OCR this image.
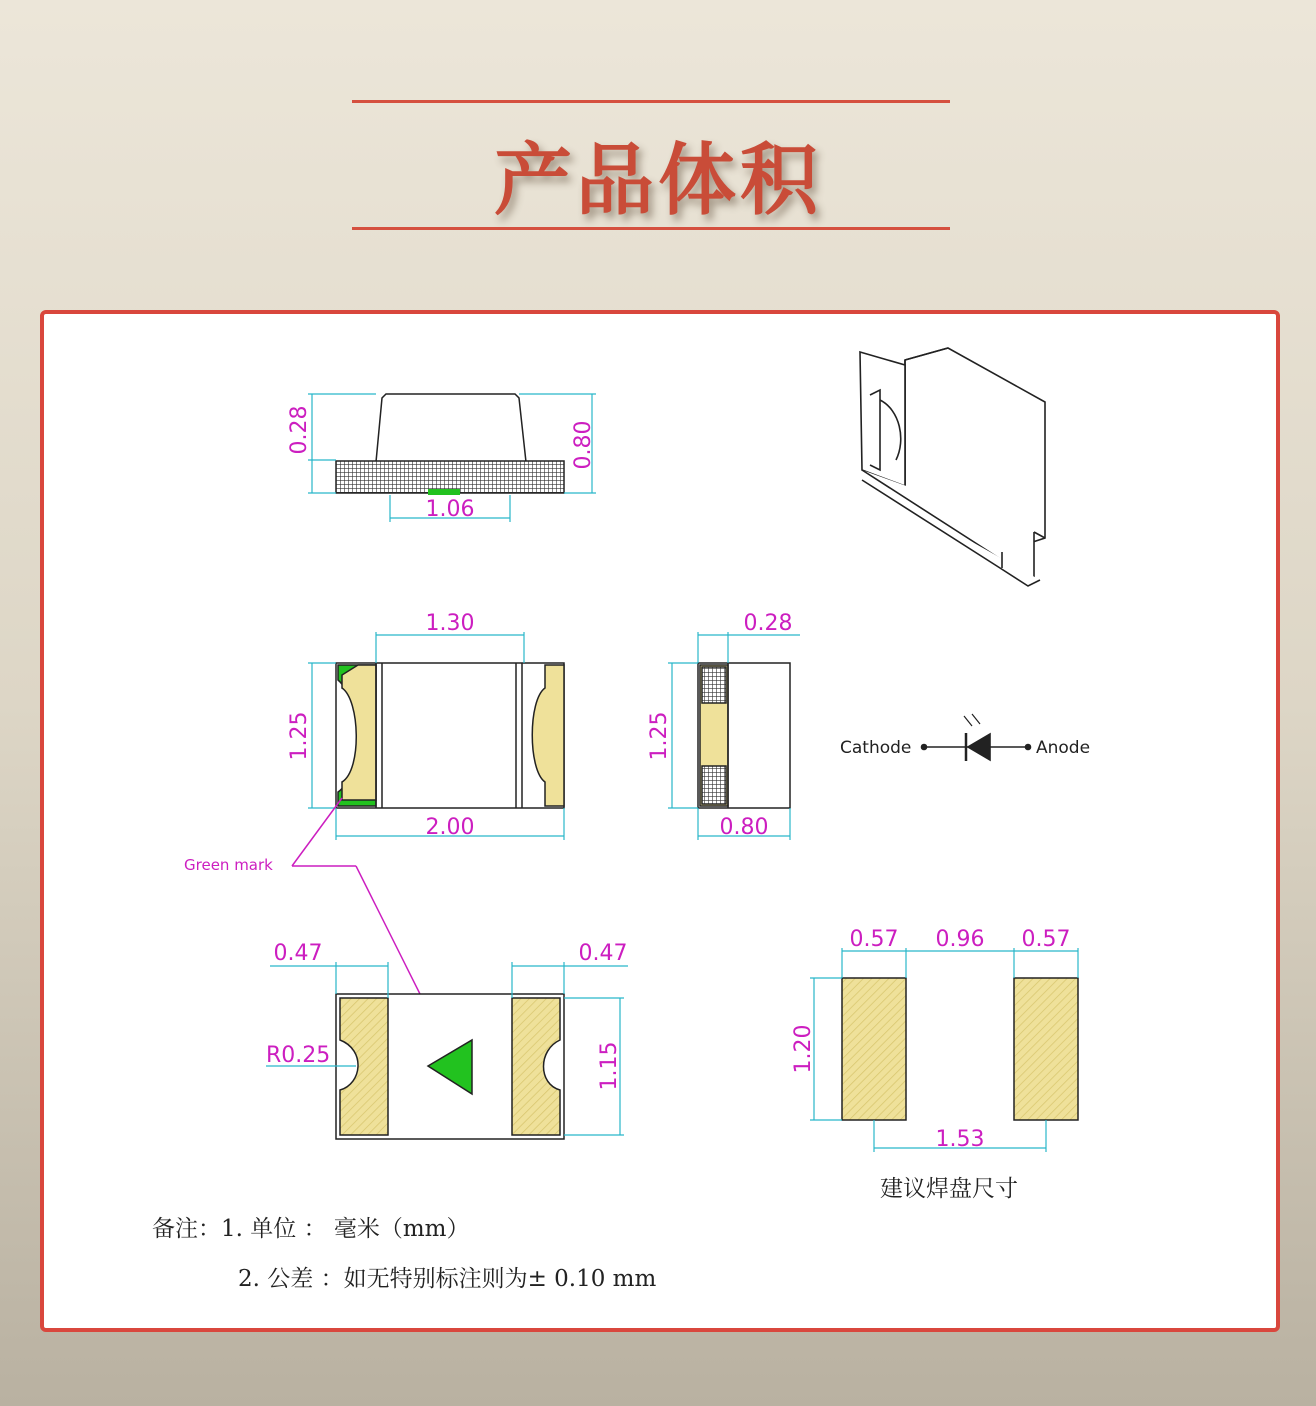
产品体积
0.28	0.80
1.06
1.30
1.25
2.00
0.28
1.25
0.80
Cathode	Anode
Green mark
0.47	0.47
R0.25	1.15
0.57 0.96 0.57
1.20
1.53
建议焊盘尺寸
备注：1. 单位 ： 毫米（mm）
2. 公差 ：如无特别标注则为± 0.10 mm
